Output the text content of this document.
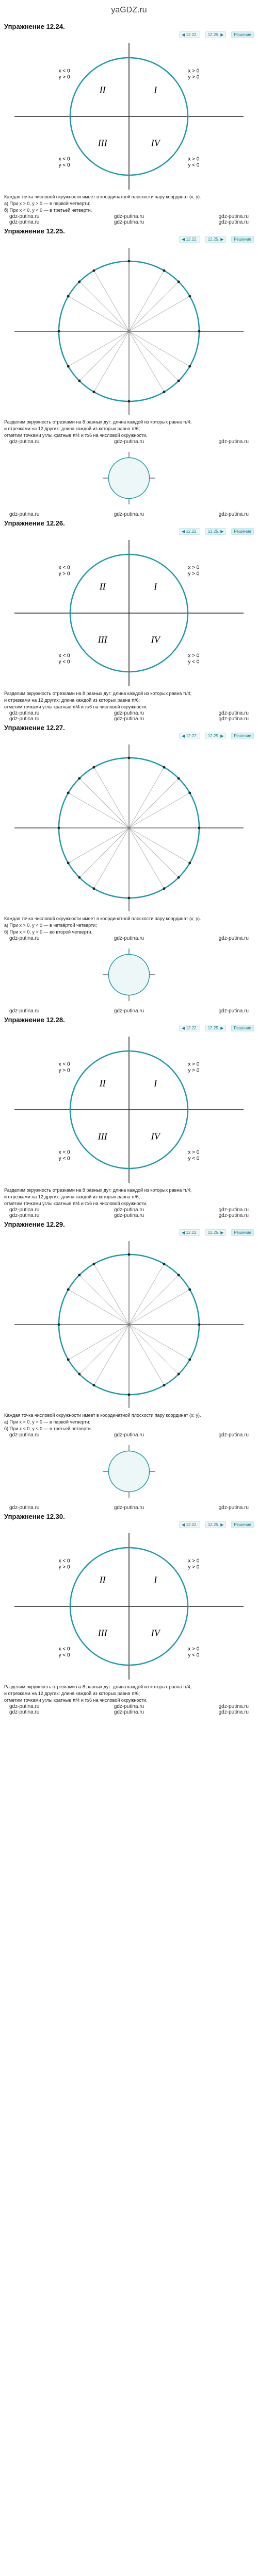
yaGDZ.ru
Упражнение 12.24.
◀ 12.22.	12.25. ▶	Решение
I
x > 0
y > 0
II
x < 0
y > 0
III
x < 0
y < 0
IV
x > 0
y < 0
Каждая точка числовой окружности имеет в координатной плоскости пару координат (x; y).
а) При x > 0, y > 0 — в первой четверти;
б) При x < 0, y < 0 — в третьей четверти.
gdz-putina.ru	gdz-putina.ru	gdz-putina.ru
gdz-putina.ru	gdz-putina.ru	gdz-putina.ru
Упражнение 12.25.
◀ 12.22.	12.25. ▶	Решение
Разделим окружность отрезками на 8 равных дуг: длина каждой из которых равна π/4;
и отрезками на 12 других: длина каждой из которых равна π/6;
отметим точками углы кратные π/4 и π/6 на числовой окружности.
gdz-putina.ru	gdz-putina.ru	gdz-putina.ru
gdz-putina.ru	gdz-putina.ru	gdz-putina.ru
Упражнение 12.26.
◀ 12.22.	12.25. ▶	Решение
I
x > 0
y > 0
II
x < 0
y > 0
III
x < 0
y < 0
IV
x > 0
y < 0
Разделим окружность отрезками на 8 равных дуг: длина каждой из которых равна π/4;
и отрезками на 12 других: длина каждой из которых равна π/6;
отметим точками углы кратные π/4 и π/6 на числовой окружности.
gdz-putina.ru	gdz-putina.ru	gdz-putina.ru
gdz-putina.ru	gdz-putina.ru	gdz-putina.ru
Упражнение 12.27.
◀ 12.22.	12.25. ▶	Решение
Каждая точка числовой окружности имеет в координатной плоскости пару координат (x; y).
а) При x > 0, y < 0 — в четвёртой четверти;
б) При x < 0, y > 0 — во второй четверти.
gdz-putina.ru	gdz-putina.ru	gdz-putina.ru
gdz-putina.ru	gdz-putina.ru	gdz-putina.ru
Упражнение 12.28.
◀ 12.22.	12.25. ▶	Решение
I
x > 0
y > 0
II
x < 0
y > 0
III
x < 0
y < 0
IV
x > 0
y < 0
Разделим окружность отрезками на 8 равных дуг: длина каждой из которых равна π/4;
и отрезками на 12 других: длина каждой из которых равна π/6;
отметим точками углы кратные π/4 и π/6 на числовой окружности.
gdz-putina.ru	gdz-putina.ru	gdz-putina.ru
gdz-putina.ru	gdz-putina.ru	gdz-putina.ru
Упражнение 12.29.
◀ 12.22.	12.25. ▶	Решение
Каждая точка числовой окружности имеет в координатной плоскости пару координат (x; y).
а) При x > 0, y > 0 — в первой четверти;
б) При x < 0, y < 0 — в третьей четверти.
gdz-putina.ru	gdz-putina.ru	gdz-putina.ru
gdz-putina.ru	gdz-putina.ru	gdz-putina.ru
Упражнение 12.30.
◀ 12.22.	12.25. ▶	Решение
I
x > 0
y > 0
II
x < 0
y > 0
III
x < 0
y < 0
IV
x > 0
y < 0
Разделим окружность отрезками на 8 равных дуг: длина каждой из которых равна π/4;
и отрезками на 12 других: длина каждой из которых равна π/6;
отметим точками углы кратные π/4 и π/6 на числовой окружности.
gdz-putina.ru	gdz-putina.ru	gdz-putina.ru
gdz-putina.ru	gdz-putina.ru	gdz-putina.ru
